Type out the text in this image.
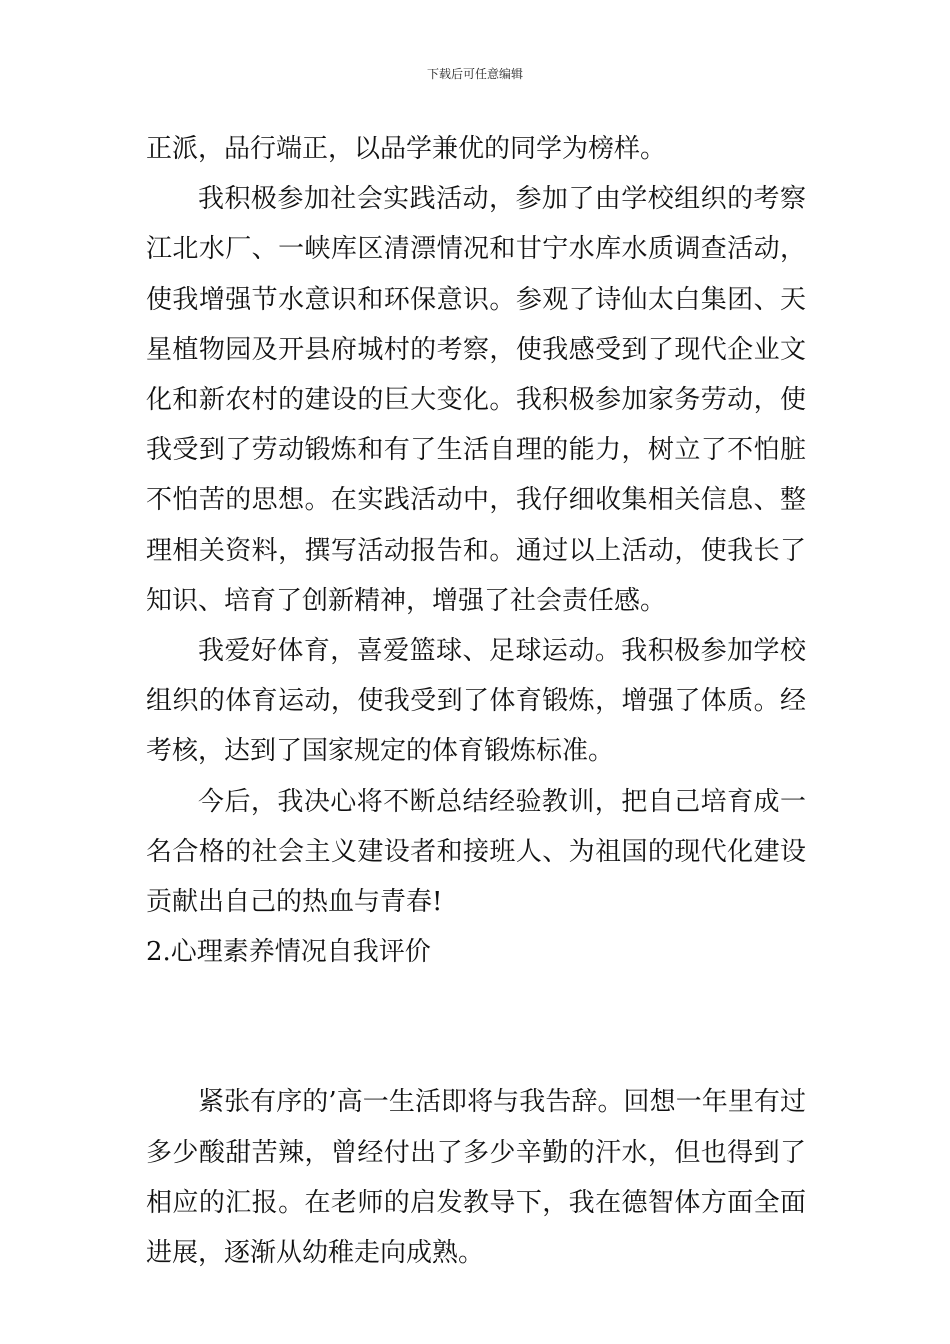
下载后可任意编辑

正派，品行端正，以品学兼优的同学为榜样。

我积极参加社会实践活动，参加了由学校组织的考察江北水厂、一峡库区清漂情况和甘宁水库水质调查活动，使我增强节水意识和环保意识。参观了诗仙太白集团、天星植物园及开县府城村的考察，使我感受到了现代企业文化和新农村的建设的巨大变化。我积极参加家务劳动，使我受到了劳动锻炼和有了生活自理的能力，树立了不怕脏不怕苦的思想。在实践活动中，我仔细收集相关信息、整理相关资料，撰写活动报告和。通过以上活动，使我长了知识、培育了创新精神，增强了社会责任感。

我爱好体育，喜爱篮球、足球运动。我积极参加学校组织的体育运动，使我受到了体育锻炼，增强了体质。经考核，达到了国家规定的体育锻炼标准。

今后，我决心将不断总结经验教训，把自己培育成一名合格的社会主义建设者和接班人、为祖国的现代化建设贡献出自己的热血与青春!

2.心理素养情况自我评价

紧张有序的’高一生活即将与我告辞。回想一年里有过多少酸甜苦辣，曾经付出了多少辛勤的汗水，但也得到了相应的汇报。在老师的启发教导下，我在德智体方面全面进展，逐渐从幼稚走向成熟。
